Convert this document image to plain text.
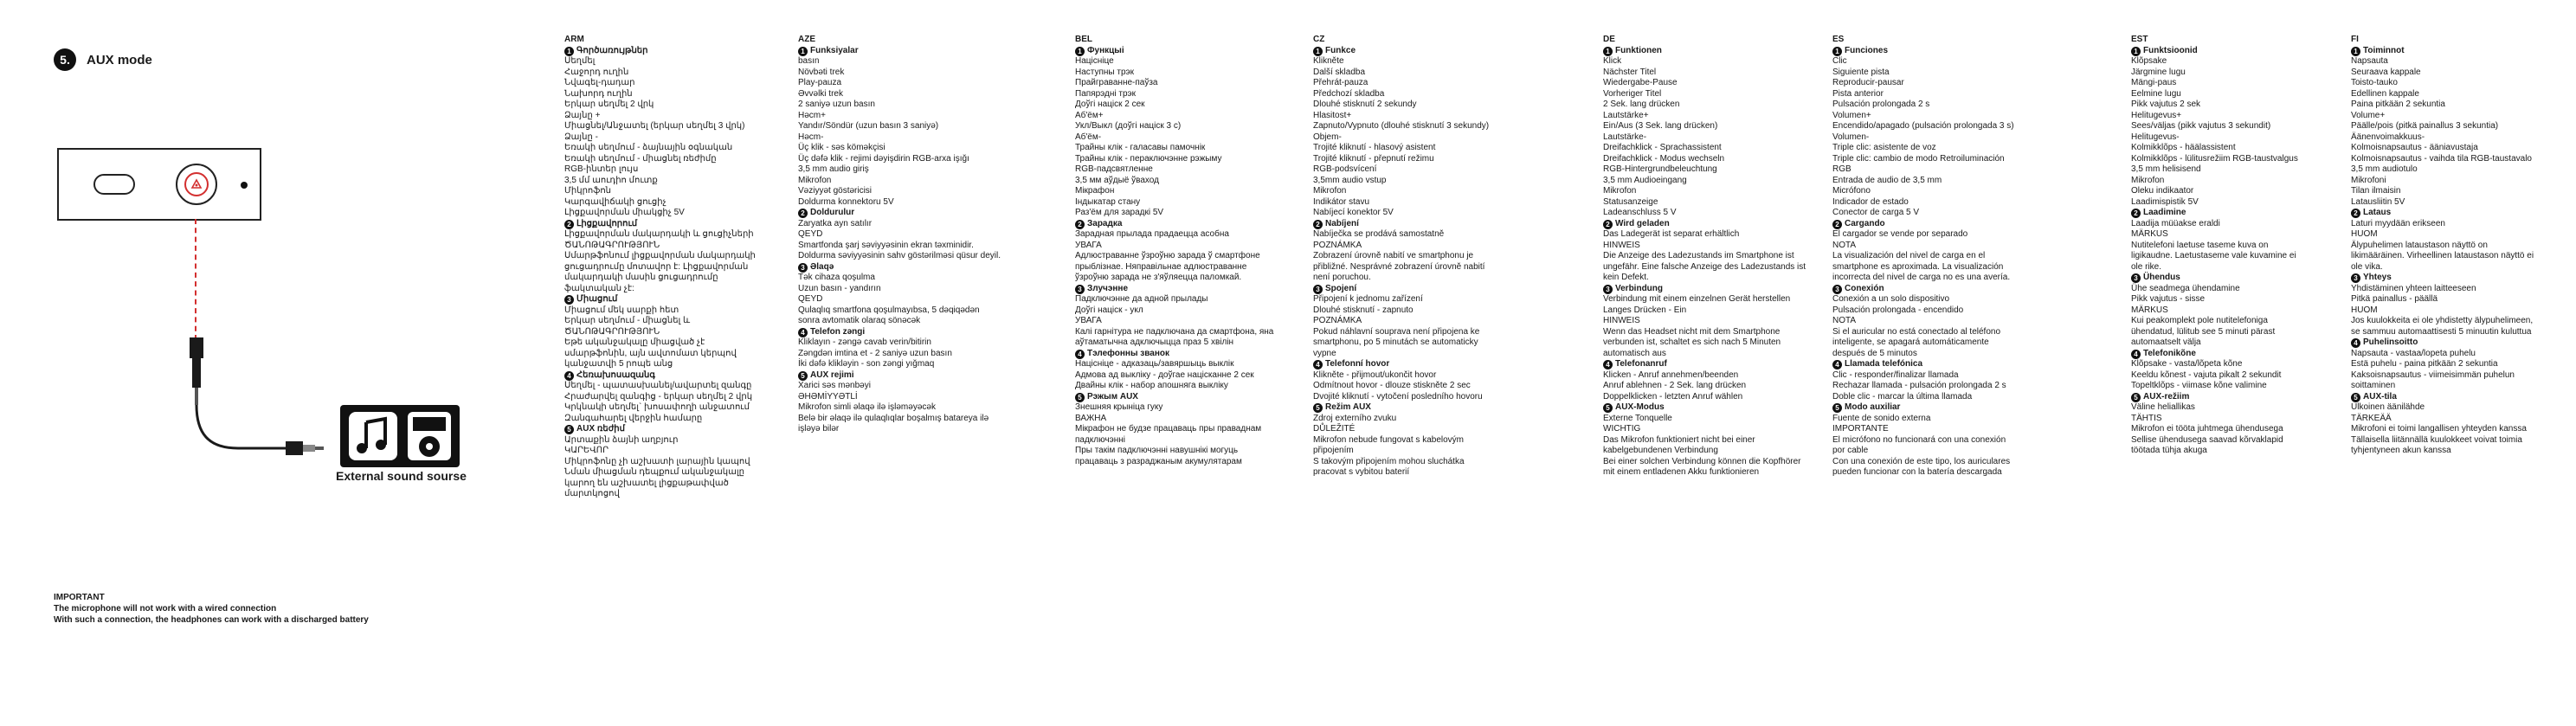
5.	AUX mode
External sound sourse
IMPORTANT
The microphone will not work with a wired connection
With such a connection, the headphones can work with a discharged battery
ARM
1 Գործառույթներ
Սեղմել
Հաջորդ ուղին
Նվագել-դադար
Նախորդ ուղին
Երկար սեղմել 2 վրկ
Ձայնը +
Միացնել/Անջատել (երկար սեղմել 3 վրկ)
Ձայնը -
Եռակի սեղմում - ձայնային օգնական
Եռակի սեղմում - միացնել ռեժիմը
RGB-ինտեր լույս
3,5 մմ աուդիո մուտք
Միկրոֆոն
Կարգավիճակի ցուցիչ
Լիցքավորման միակցիչ 5V
2 Լիցքավորում
Լիցքավորման մակարդակի և ցուցիչների
ԾԱՆՈԹԱԳՐՈՒԹՅՈՒՆ
Սմարթֆոնում լիցքավորման մակարդակի
ցուցադրումը մոտավոր է: Լիցքավորման
մակարդակի մասին ցուցադրումը
ֆակտական չէ:
3 Միացում
Միացում մեկ սարքի հետ
Երկար սեղմում - միացնել և
ԾԱՆՈԹԱԳՐՈՒԹՅՈՒՆ
Եթե ականջակալը միացված չէ
սմարթֆոնին, այն ավտոմատ կերպով
կանջատվի 5 րոպե անց
4 Հեռախոսազանգ
Սեղմել - պատասխանել/ավարտել զանգը
Հրաժարվել զանգից - երկար սեղմել 2 վրկ
Կրկնակի սեղմել` խոսափողի անջատում
Զանգահարել վերջին համարը
5 AUX ռեժիմ
Արտաքին ձայնի աղբյուր
ԿԱՐԵՎՈՐ
Միկրոֆոնը չի աշխատի լարային կապով
Նման միացման դեպքում ականջակալը
կարող են աշխատել լիցքաթափված
մարտկոցով
AZE
1 Funksiyalar
basın
Növbəti trek
Play-pauza
Əvvəlki trek
2 saniyə uzun basın
Həcm+
Yandır/Söndür (uzun basın 3 saniyə)
Həcm-
Üç klik - səs köməkçisi
Üç dəfə klik - rejimi dəyişdirin RGB-arxa işığı
3,5 mm audio giriş
Mikrofon
Vəziyyət göstəricisi
Doldurma konnektoru 5V
2 Doldurulur
Zaryatka ayn satılır
QEYD
Smartfonda şarj səviyyəsinin ekran təxminidir.
Doldurma səviyyəsinin sahv göstərilməsi qüsur deyil.
3 Əlaqə
Tək cihaza qoşulma
Uzun basın - yandırın
QEYD
Qulaqlıq smartfona qoşulmayıbsa, 5 dəqiqədən
sonra avtomatik olaraq sönəcək
4 Telefon zəngi
Kliklayın - zəngə cavab verin/bitirin
Zəngdən imtina et - 2 saniyə uzun basın
İki dəfə klikləyin - son zəngi yığmaq
5 AUX rejimi
Xarici səs mənbəyi
ƏHƏMİYYƏTLİ
Mikrofon simli əlaqə ilə işləməyəcək
Belə bir əlaqə ilə qulaqlıqlar boşalmış batareya ilə
işləyə bilər
BEL
1 Функцыі
Націсніце
Наступны трэк
Прайграванне-паўза
Папярэдні трэк
Доўгі націск 2 сек
Аб'ём+
Укл/Выкл (доўгі націск 3 с)
Аб'ём-
Трайны клік - галасавы памочнік
Трайны клік - пераключэнне рэжыму
RGB-падсвятленне
3,5 мм аўдыё ўваход
Мікрафон
Індыкатар стану
Раз'ём для зарадкі 5V
2 Зарадка
Зарадная прылада прадаецца асобна
УВАГА
Адлюстраванне ўзроўню зарада ў смартфоне
прыблізнае. Няправільнае адлюстраванне
ўзроўню зарада не з'яўляецца паломкай.
3 Злучэнне
Падключэнне да адной прылады
Доўгі націск - укл
УВАГА
Калі гарнітура не падключана да смартфона, яна
аўтаматычна адключыцца праз 5 хвілін
4 Тэлефонны званок
Націсніце - адказаць/завяршыць выклік
Адмова ад выкліку - доўгае націсканне 2 сек
Двайны клік - набор апошняга выкліку
5 Рэжым AUX
Знешняя крыніца гуку
ВАЖНА
Мікрафон не будзе працаваць пры праваднам
падключэнні
Пры такім падключэнні навушнікі могуць
працаваць з разраджаным акумулятарам
CZ
1 Funkce
Klikněte
Další skladba
Přehrát-pauza
Předchozí skladba
Dlouhé stisknutí 2 sekundy
Hlasitost+
Zapnuto/Vypnuto (dlouhé stisknutí 3 sekundy)
Objem-
Trojité kliknutí - hlasový asistent
Trojité kliknutí - přepnutí režimu
RGB-podsvícení
3,5mm audio vstup
Mikrofon
Indikátor stavu
Nabíjecí konektor 5V
2 Nabíjení
Nabíječka se prodává samostatně
POZNÁMKA
Zobrazení úrovně nabití ve smartphonu je
přibližné. Nesprávné zobrazení úrovně nabití
není poruchou.
3 Spojení
Připojení k jednomu zařízení
Dlouhé stisknutí - zapnuto
POZNÁMKA
Pokud náhlavní souprava není připojena ke
smartphonu, po 5 minutách se automaticky
vypne
4 Telefonní hovor
Klikněte - přijmout/ukončit hovor
Odmítnout hovor - dlouze stiskněte 2 sec
Dvojité kliknutí - vytočení posledního hovoru
5 Režim AUX
Zdroj externího zvuku
DŮLEŽITÉ
Mikrofon nebude fungovat s kabelovým
připojením
S takovým připojením mohou sluchátka
pracovat s vybitou baterií
DE
1 Funktionen
Klick
Nächster Titel
Wiedergabe-Pause
Vorheriger Titel
2 Sek. lang drücken
Lautstärke+
Ein/Aus (3 Sek. lang drücken)
Lautstärke-
Dreifachklick - Sprachassistent
Dreifachklick - Modus wechseln
RGB-Hintergrundbeleuchtung
3,5 mm Audioeingang
Mikrofon
Statusanzeige
Ladeanschluss 5 V
2 Wird geladen
Das Ladegerät ist separat erhältlich
HINWEIS
Die Anzeige des Ladezustands im Smartphone ist
ungefähr. Eine falsche Anzeige des Ladezustands ist
kein Defekt.
3 Verbindung
Verbindung mit einem einzelnen Gerät herstellen
Langes Drücken - Ein
HINWEIS
Wenn das Headset nicht mit dem Smartphone
verbunden ist, schaltet es sich nach 5 Minuten
automatisch aus
4 Telefonanruf
Klicken - Anruf annehmen/beenden
Anruf ablehnen - 2 Sek. lang drücken
Doppelklicken - letzten Anruf wählen
5 AUX-Modus
Externe Tonquelle
WICHTIG
Das Mikrofon funktioniert nicht bei einer
kabelgebundenen Verbindung
Bei einer solchen Verbindung können die Kopfhörer
mit einem entladenen Akku funktionieren
ES
1 Funciones
Clic
Siguiente pista
Reproducir-pausar
Pista anterior
Pulsación prolongada 2 s
Volumen+
Encendido/apagado (pulsación prolongada 3 s)
Volumen-
Triple clic: asistente de voz
Triple clic: cambio de modo Retroiluminación
RGB
Entrada de audio de 3,5 mm
Micrófono
Indicador de estado
Conector de carga 5 V
2 Cargando
El cargador se vende por separado
NOTA
La visualización del nivel de carga en el
smartphone es aproximada. La visualización
incorrecta del nivel de carga no es una avería.
3 Conexión
Conexión a un solo dispositivo
Pulsación prolongada - encendido
NOTA
Si el auricular no está conectado al teléfono
inteligente, se apagará automáticamente
después de 5 minutos
4 Llamada telefónica
Clic - responder/finalizar llamada
Rechazar llamada - pulsación prolongada 2 s
Doble clic - marcar la última llamada
5 Modo auxiliar
Fuente de sonido externa
IMPORTANTE
El micrófono no funcionará con una conexión
por cable
Con una conexión de este tipo, los auriculares
pueden funcionar con la batería descargada
EST
1 Funktsioonid
Klõpsake
Järgmine lugu
Mängi-paus
Eelmine lugu
Pikk vajutus 2 sek
Helitugevus+
Sees/väljas (pikk vajutus 3 sekundit)
Helitugevus-
Kolmikklõps - häälassistent
Kolmikklõps - lülitusrežiim RGB-taustvalgus
3,5 mm helisisend
Mikrofon
Oleku indikaator
Laadimispistik 5V
2 Laadimine
Laadija müüakse eraldi
MÄRKUS
Nutitelefoni laetuse taseme kuva on
ligikaudne. Laetustaseme vale kuvamine ei
ole rike.
3 Ühendus
Ühe seadmega ühendamine
Pikk vajutus - sisse
MÄRKUS
Kui peakomplekt pole nutitelefoniga
ühendatud, lülitub see 5 minuti pärast
automaatselt välja
4 Telefonikõne
Klõpsake - vasta/lõpeta kõne
Keeldu kõnest - vajuta pikalt 2 sekundit
Topeltklõps - viimase kõne valimine
5 AUX-režiim
Väline heliallikas
TÄHTIS
Mikrofon ei tööta juhtmega ühendusega
Sellise ühendusega saavad kõrvaklapid
töötada tühja akuga
FI
1 Toiminnot
Napsauta
Seuraava kappale
Toisto-tauko
Edellinen kappale
Paina pitkään 2 sekuntia
Volume+
Päälle/pois (pitkä painallus 3 sekuntia)
Äänenvoimakkuus-
Kolmoisnapsautus - ääniavustaja
Kolmoisnapsautus - vaihda tila RGB-taustavalo
3,5 mm audiotulo
Mikrofoni
Tilan ilmaisin
Latausliitin 5V
2 Lataus
Laturi myydään erikseen
HUOM
Älypuhelimen lataustason näyttö on
likimääräinen. Virheellinen lataustason näyttö ei
ole vika.
3 Yhteys
Yhdistäminen yhteen laitteeseen
Pitkä painallus - päällä
HUOM
Jos kuulokkeita ei ole yhdistetty älypuhelimeen,
se sammuu automaattisesti 5 minuutin kuluttua
4 Puhelinsoitto
Napsauta - vastaa/lopeta puhelu
Estä puhelu - paina pitkään 2 sekuntia
Kaksoisnapsautus - viimeisimmän puhelun
soittaminen
5 AUX-tila
Ulkoinen äänilähde
TÄRKEÄÄ
Mikrofoni ei toimi langallisen yhteyden kanssa
Tällaisella liitännällä kuulokkeet voivat toimia
tyhjentyneen akun kanssa
